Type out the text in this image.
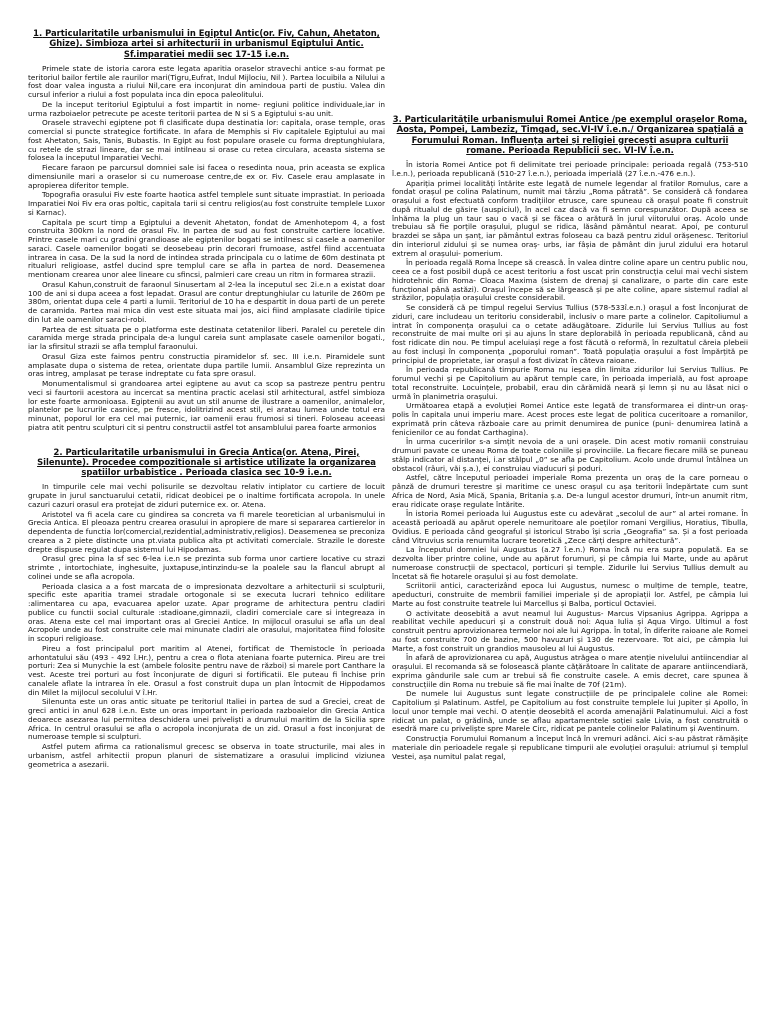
1. Particularitatile urbanismului in Egiptul Antic(or. Fiv, Cahun, Ahetaton, Ghize). Simbioza artei si arhitecturii in urbanismul Egiptului Antic. Sf.imparatiei medii sec 17-15 i.e.n.

Primele state de istoria carora este legata aparitia oraselor stravechi antice s-au format pe teritoriul bailor fertile ale raurilor mari(Tigru,Eufrat, Indul Mijlociu, Nil ). Partea locuibila a Nilului a fost doar valea ingusta a riului Nil,care era inconjurat din amindoua parti de pustiu. Valea din cursul inferior a riului a fost populata inca din epoca paleolitului.

De la inceput teritoriul Egiptului a fost impartit in nome- regiuni politice individuale,iar in urma razboiaelor petrecute pe aceste teritorii partea de N si S a Egiptului s-au unit.

Orasele stravechi egiptene pot fi clasificate dupa destinatia lor: capitala, orase temple, oras comercial si puncte strategice fortificate. In afara de Memphis si Fiv capitalele Egiptului au mai fost Ahetaton, Sais, Tanis, Bubastis. In Egipt au fost populare orasele cu forma dreptunghiulara, cu retele de strazi lineare, dar se mai intilneau si orase cu retea circulara, aceasta sistema se folosea la inceputul Imparatiei Vechi.

Fiecare faraon pe parcursul domniei sale isi facea o resedinta noua, prin aceasta se explica dimensiunile mari a oraselor si cu numeroase centre,de ex or. Fiv. Casele erau amplasate in apropierea diferitor temple.

Topografia orasului Fiv este foarte haotica astfel templele sunt situate imprastiat. In perioada Imparatiei Noi Fiv era oras poltic, capitala tarii si centru religios(au fost construite templele Luxor si Karnac).

Capitala pe scurt timp a Egiptului a devenit Ahetaton, fondat de Amenhotepom 4, a fost construita 300km la nord de orasul Fiv. In partea de sud au fost construite cartiere locative. Printre casele mari cu gradini grandioase ale egiptenilor bogati se intilnesc si casele a oamenilor saraci. Casele oamenilor bogati se deosebeau prin decorari frumoase, astfel fiind accentuata intrarea in casa. De la sud la nord de intindea strada principala cu o latime de 60m destinata pt ritualuri religioase, astfel ducind spre templul care se afla in partea de nord. Deasemenea mentionam crearea unor alee lineare cu sfincsi, palmieri care creau un ritm in formarea strazii.

Orasul Kahun,construit de faraonul Sinusertam al 2-lea la inceputul sec 2i.e.n a existat doar 100 de ani si dupa aceea a fost lepadat. Orasul are contur dreptunghiular cu laturile de 260m pe 380m, orientat dupa cele 4 parti a lumii. Teritoriul de 10 ha e despartit in doua parti de un perete de caramida. Partea mai mica din vest este situata mai jos, aici fiind amplasate cladirile tipice din lut ale oamenilor saraci-robi.

Partea de est situata pe o platforma este destinata cetatenilor liberi. Paralel cu peretele din caramida merge strada principala de-a lungul careia sunt amplasate casele oamenilor bogati., iar la sfirsitul strazii se afla templul faraonului.

Orasul Giza este faimos pentru constructia piramidelor sf. sec. III i.e.n. Piramidele sunt amplasate dupa o sistema de retea, orientate dupa partile lumii. Ansamblul Gize reprezinta un oras intreg, amplasat pe terase indreptate cu fata spre orasul.

Monumentalismul si grandoarea artei egiptene au avut ca scop sa pastreze pentru pentru veci si faurtorii acestora au incercat sa mentina practic acelasi stil arhitectural, astfel simbioza lor este foarte armonioasa. Egiptenii au avut un stil anume de ilustrare a oamenilor, animalelor, plantelor pe lucrurile casnice, pe fresce, idolitrizind acest stil, ei aratau lumea unde totul era minunat, poporul lor era cel mai puternic, iar oamenii erau frumosi si tineri. Foloseau aceeasi piatra atit pentru sculpturi cit si pentru constructii astfel tot ansamblului parea foarte armonios

2. Particularitatile urbanismului in Grecia Antica(or. Atena, Pirei, Silenunte). Procedee compozitionale si artistice utilizate la organizarea spatiilor urbabistice . Perioada clasica sec 10-9 i.e.n.

In timpurile cele mai vechi polisurile se dezvoltau relativ intiplator cu cartiere de locuit grupate in jurul sanctuarului cetatii, ridicat deobicei pe o inaltime fortificata acropola. In unele cazuri cazuri orasul era protejat de ziduri puternice ex. or. Atena.

Aristotel va fi acela care cu gindirea sa concreta va fi marele teoretician al urbanismului in Grecia Antica. El pleoaza pentru crearea orasului in apropiere de mare si separarea cartierelor in dependenta de functia lor(comercial,rezidential,administrativ,religios). Deasemenea se preconiza crearea a 2 piete distincte una pt.viata publica alta pt activitati comerciale. Strazile le doreste drepte dispuse regulat dupa sistemul lui Hipodamas.

Orasul grec pina la sf sec 6-lea i.e.n se prezinta sub forma unor cartiere locative cu strazi strimte , intortochiate, inghesuite, juxtapuse,intinzindu-se la poalele sau la flancul abrupt al colinei unde se afla acropola.

Perioada clasica a a fost marcata de o impresionata dezvoltare a arhitecturii si sculpturii, specific este aparitia tramei stradale ortogonale si se executa lucrari tehnico edilitare :alimentarea cu apa, evacuarea apelor uzate. Apar programe de arhitectura pentru cladiri publice cu functii social culturale :stadioane,gimnazii, cladiri comerciale care si integreaza in oras. Atena este cel mai important oras al Greciei Antice. In mijlocul orasului se afla un deal Acropole unde au fost construite cele mai minunate cladiri ale orasului, majoritatea fiind folosite in scopuri religioase.

Pireu a fost principalul port maritim al Atenei, fortificat de Themistocle în perioada arhontatului său (493 - 492 î.Hr.), pentru a crea o flota ateniana foarte puternica. Pireu are trei porturi: Zea si Munychie la est (ambele folosite pentru nave de război) si marele port Cantharе la vest. Aceste trei porturi au fost înconjurate de diguri si fortificatii. Ele puteau fi închise prin canalele aflate la intrarea în ele. Orasul a fost construit dupa un plan întocmit de Hippodamos din Milet la mijlocul secolului V î.Hr.

Silenunta este un oras antic situate pe teritoriul Italiei in partea de sud a Greciei, creat de greci antici in anul 628 i.e.n. Este un oras important in perioada razboaielor din Grecia Antica deoarece asezarea lui permitea deschidera unei priveliști a drumului maritim de la Sicilia spre Africa. In centrul orasului se afla o acropola inconjurata de un zid. Orasul a fost inconjurat de numeroase temple si sculpturi.

Astfel putem afirma ca rationalismul grecesc se observa in toate structurile, mai ales in urbanism, astfel arhitectii propun planuri de sistematizare a orasului implicind viziunea geometrica a asezarii.

3. Particularitățile urbanismului Romei Antice /pe exemplul orașelor Roma, Aosta, Pompei, Lambeziz, Timgad, sec.VI-IV î.e.n./ Organizarea spațială a Forumului Roman. Influența artei și religiei grecești asupra culturii romane. Perioada Republicii sec. VI-IV î.e.n.

În istoria Romei Antice pot fi delimitate trei perioade principale: perioada regală (753-510 î.e.n.), perioada republicană (510-27 î.e.n.), perioada imperială (27 î.e.n.-476 e.n.).

Apariția primei localități întărite este legată de numele legendar al fratilor Romulus, care a fondat orașul pe colina Palatinum, numit mai târziu „Roma pătrată”. Se consideră că fondarea orașului a fost efectuată conform tradițiilor etrusce, care spuneau că orașul poate fi construit după ritualul de găsire (auspiciul), în acel caz dacă va fi semn corespunzător. După aceea se înhăma la plug un taur sau o vacă și se făcea o arătură în jurul viitorului oraș. Acolo unde trebuiau să fie porțile orașului, plugul se ridica, lăsând pământul nearat. Apoi, pe conturul brazdei se săpa un șanț, iar pământul extras foloseau ca bază pentru zidul orășenesc. Teritoriul din interiorul zidului și se numea oraș- urbs, iar fâșia de pământ din jurul zidului era hotarul extrem al orașului- pomerium.

În perioada regală Roma începe să crească. În valea dintre coline apare un centru public nou, ceea ce a fost posibil după ce acest teritoriu a fost uscat prin construcția celui mai vechi sistem hidrotehnic din Roma- Cloaca Maxima (sistem de drenaj și canalizare, o parte din care este funcțional până astăzi). Orașul începe să se lărgească și pe alte coline, apare sistemul radial al străzilor, populația orașului creste considerabil.

Se consideră că pe timpul regelui Servius Tullius (578-533î.e.n.) orașul a fost înconjurat de ziduri, care includeau un teritoriu considerabil, inclusiv o mare parte a colinelor. Capitoliumul a intrat în componența orașului ca o cetate adăugătoare. Zidurile lui Servius Tullius au fost reconstruite de mai multe ori și au ajuns în stare deplorabilă în perioada republicană, când au fost ridicate din nou. Pe timpul aceluiași rege a fost făcută o reformă, în rezultatul căreia plebeii au fost incluși în componența „poporului roman”. Toată populația orașului a fost împărțită pe principiul de proprietate, iar orașul a fost divizat în câteva raioane.

În perioada republicană timpurie Roma nu ieșea din limita zidurilor lui Servius Tullius. Pe forumul vechi și pe Capitolium au apărut temple care, în perioada imperială, au fost aproape total reconstruite. Locuințele, probabil, erau din cărămidă neară și lemn și nu au lăsat nici o urmă în planimetria orașului.

Următoarea etapă a evoluției Romei Antice este legată de transformarea ei dintr-un oraș-polis în capitala unui imperiu mare. Acest proces este legat de politica cuceritoare a romanilor, exprimată prin câteva războaie care au primit denumirea de punice (puni- denumirea latină a fenicienilor ce au fondat Carthagina).

În urma cuceririlor s-a simțit nevoia de a uni orașele. Din acest motiv romanii construiau drumuri pavate ce uneau Roma de toate coloniile și provinciile. La fiecare fiecare milă se puneau stâlp indicator al distanței, i.ar stâlpul „0” se afla pe Capitolium. Acolo unde drumul întâlnea un obstacol (râuri, văi ș.a.), ei construiau viaducuri și poduri.

Astfel, către începutul perioadei imperiale Roma prezenta un oraș de la care porneau o pânză de drumuri terestre și maritime ce unesc orașul cu așa teritorii îndepărtate cum sunt Africa de Nord, Asia Mică, Spania, Britania ș.a. De-a lungul acestor drumuri, într-un anumit ritm, erau ridicate orașe regulate întărite.

În istoria Romei perioada lui Augustus este cu adevărat „secolul de aur” al artei romane. În această perioadă au apărut operele nemuritoare ale poeților romani Vergilius, Horatius, Tibulla, Ovidius. E perioada când geograful și istoricul Strabo își scria „Geografia” sa. Și a fost perioada când Vitruvius scria renumita lucrare teoretică „Zece cărți despre arhitectură”.

La începutul domniei lui Augustus (a.27 î.e.n.) Roma încă nu era supra populată. Ea se dezvolta liber printre coline, unde au apărut forumuri, și pe câmpia lui Marte, unde au apărut numeroase construcții de spectacol, porticuri și temple. Zidurile lui Servius Tullius demult au încetat să fie hotarele orașului și au fost demolate.

Scriitorii antici, caracterizând epoca lui Augustus, numesc o mulțime de temple, teatre, apeducturi, construite de membrii familiei imperiale și de apropiații lor. Astfel, pe câmpia lui Marte au fost construite teatrele lui Marcellus și Balba, porticul Octaviei.

O activitate deosebită a avut neamul lui Augustus- Marcus Vipsanius Agrippa. Agrippa a reabilitat vechile apeducuri și a construit două noi: Aqua Iulia și Aqua Virgo. Ultimul a fost construit pentru aprovizionarea termelor noi ale lui Agrippa. În total, în diferite raioane ale Romei au fost construite 700 de bazine, 500 havuzuri și 130 de rezervoare. Tot aici, pe câmpia lui Marte, a fost construit un grandios mausoleu al lui Augustus.

În afară de aprovizionarea cu apă, Augustus atrăgea o mare atenție nivelului antiincendiar al orașului. El recomanda să se folosească plante cățărătoare în calitate de aparare antiincendiară, exprima gândurile sale cum ar trebui să fie construite casele. A emis decret, care spunea ă construcțiile din Roma nu trebuie să fie mai înalte de 70f (21m).

De numele lui Augustus sunt legate construcțiile de pe principalele coline ale Romei: Capitolium și Palatinum. Astfel, pe Capitolium au fost construite templele lui Jupiter și Apollo, în locul unor temple mai vechi. O atenție deosebită el acorda amenajării Palatinumului. Aici a fost ridicat un palat, o grădină, unde se aflau apartamentele soției sale Livia, a fost construită o esedră mare cu priveliște spre Marele Circ, ridicat pe pantele colinelor Palatinum și Aventinum.

Construcția Forumului Romanum a început încă în vremuri adânci. Aici s-au păstrat rămășițe materiale din perioadele regale și republicane timpurii ale evoluției orașului: atriumul și templul Vestei, așa numitul palat regal,
